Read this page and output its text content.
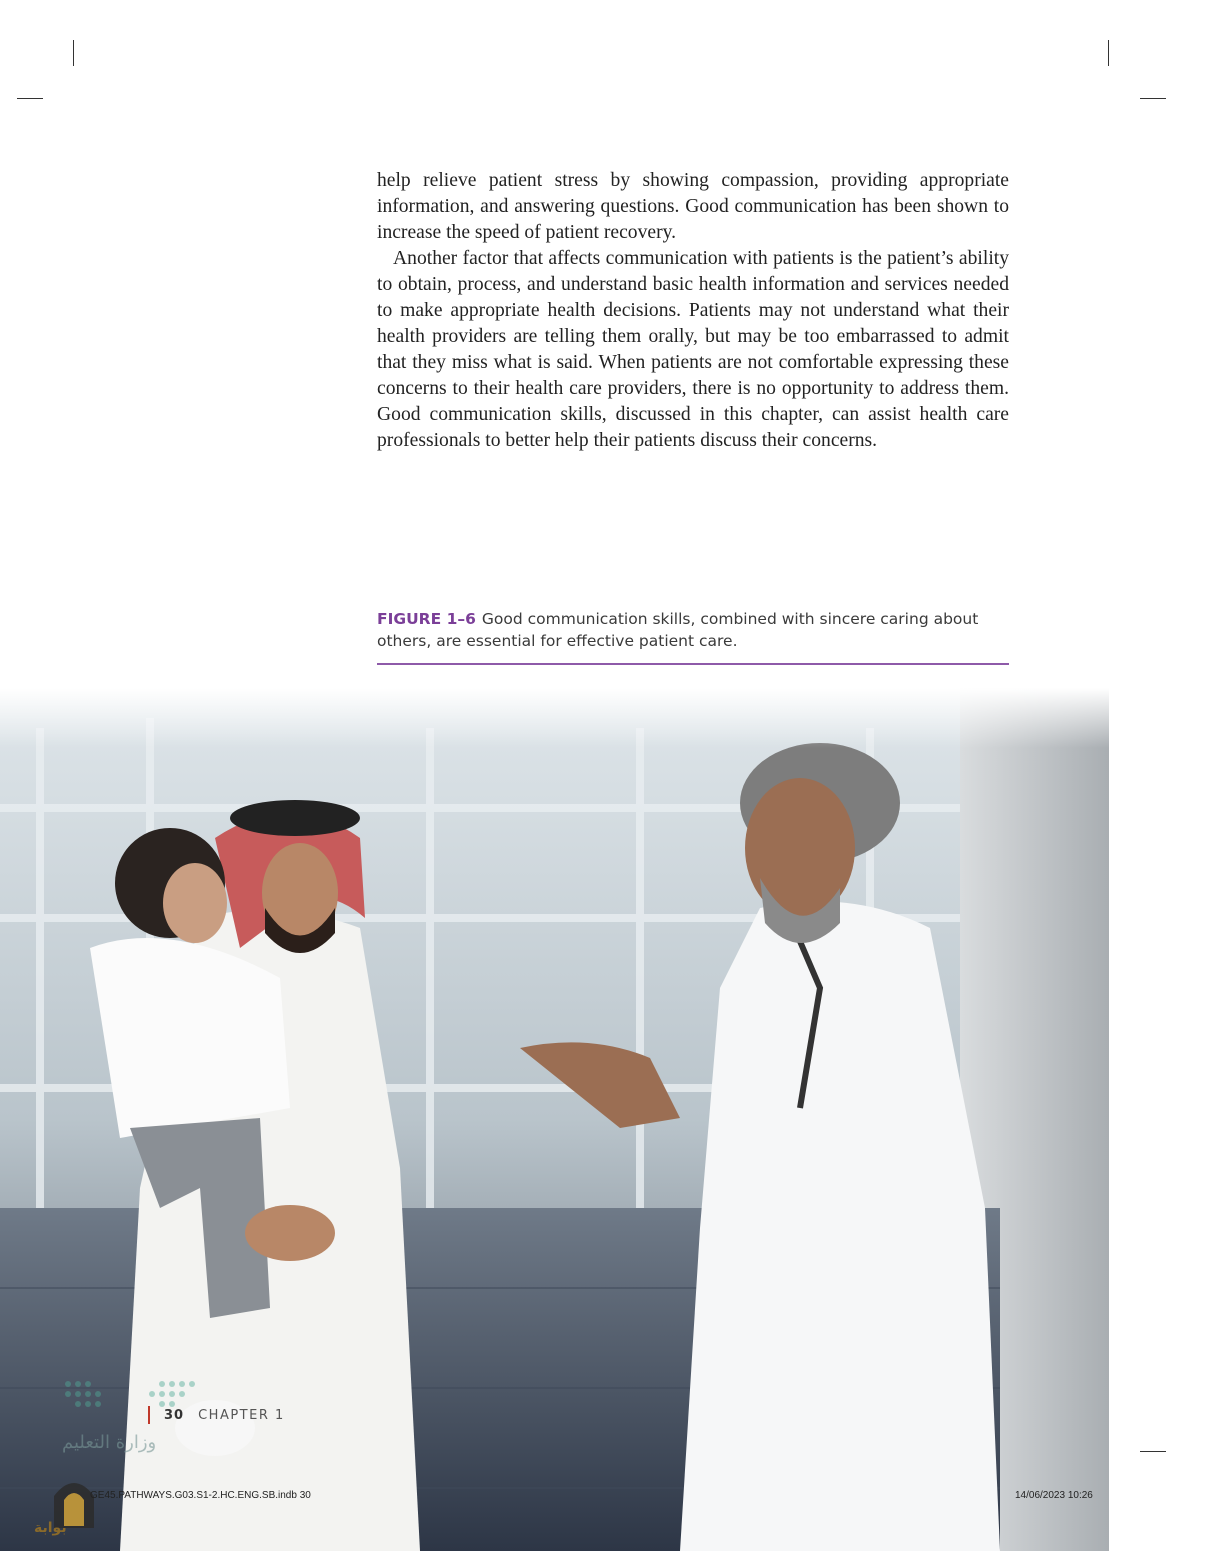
help relieve patient stress by showing compassion, providing appropriate information, and answering questions. Good communication has been shown to increase the speed of patient recovery.

Another factor that affects communication with patients is the patient’s ability to obtain, process, and understand basic health information and services needed to make appropriate health decisions. Patients may not understand what their health providers are telling them orally, but may be too embarrassed to admit that they miss what is said. When patients are not comfortable expressing these concerns to their health care providers, there is no opportunity to address them. Good communication skills, discussed in this chapter, can assist health care professionals to better help their patients discuss their concerns.

FIGURE 1–6 Good communication skills, combined with sincere caring about others, are essential for effective patient care.
وزارة التعليم
30 CHAPTER 1
بوابة
GE45.PATHWAYS.G03.S1-2.HC.ENG.SB.indb 30	14/06/2023 10:26
